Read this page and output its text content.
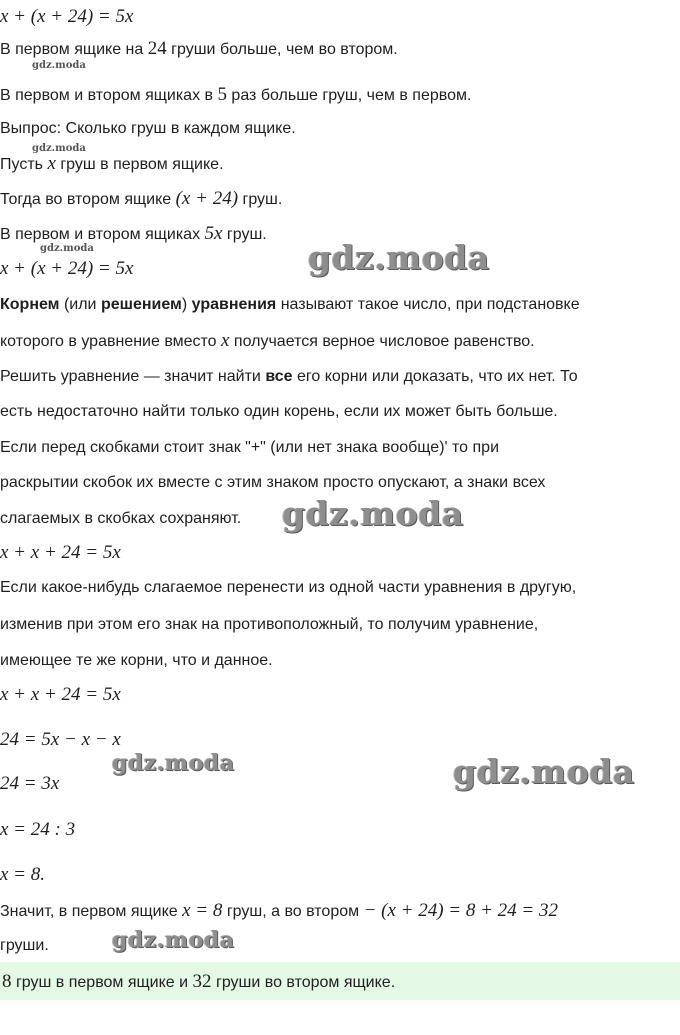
x + (x + 24) = 5x
В первом ящике на 24 груши больше, чем во втором.
gdz.moda
В первом и втором ящиках в 5 раз больше груш, чем в первом.
Выпрос: Сколько груш в каждом ящике.
gdz.moda
Пусть x груш в первом ящике.
Тогда во втором ящике (x + 24) груш.
В первом и втором ящиках 5x груш.
gdz.moda	gdz.moda
x + (x + 24) = 5x
Корнем (или решением) уравнения называют такое число, при подстановке
которого в уравнение вместо x получается верное числовое равенство.
Решить уравнение — значит найти все его корни или доказать, что их нет. То
есть недостаточно найти только один корень, если их может быть больше.
Если перед скобками стоит знак "+" (или нет знака вообще)' то при
раскрытии скобок их вместе с этим знаком просто опускают, а знаки всех
слагаемых в скобках сохраняют.	gdz.moda
x + x + 24 = 5x
Если какое-нибудь слагаемое перенести из одной части уравнения в другую,
изменив при этом его знак на противоположный, то получим уравнение,
имеющее те же корни, что и данное.
x + x + 24 = 5x
24 = 5x − x − x
24 = 3x
gdz.moda	gdz.moda
x = 24 : 3
x = 8.
Значит, в первом ящике x = 8 груш, а во втором − (x + 24) = 8 + 24 = 32
груши.	gdz.moda
8 груш в первом ящике и 32 груши во втором ящике.
